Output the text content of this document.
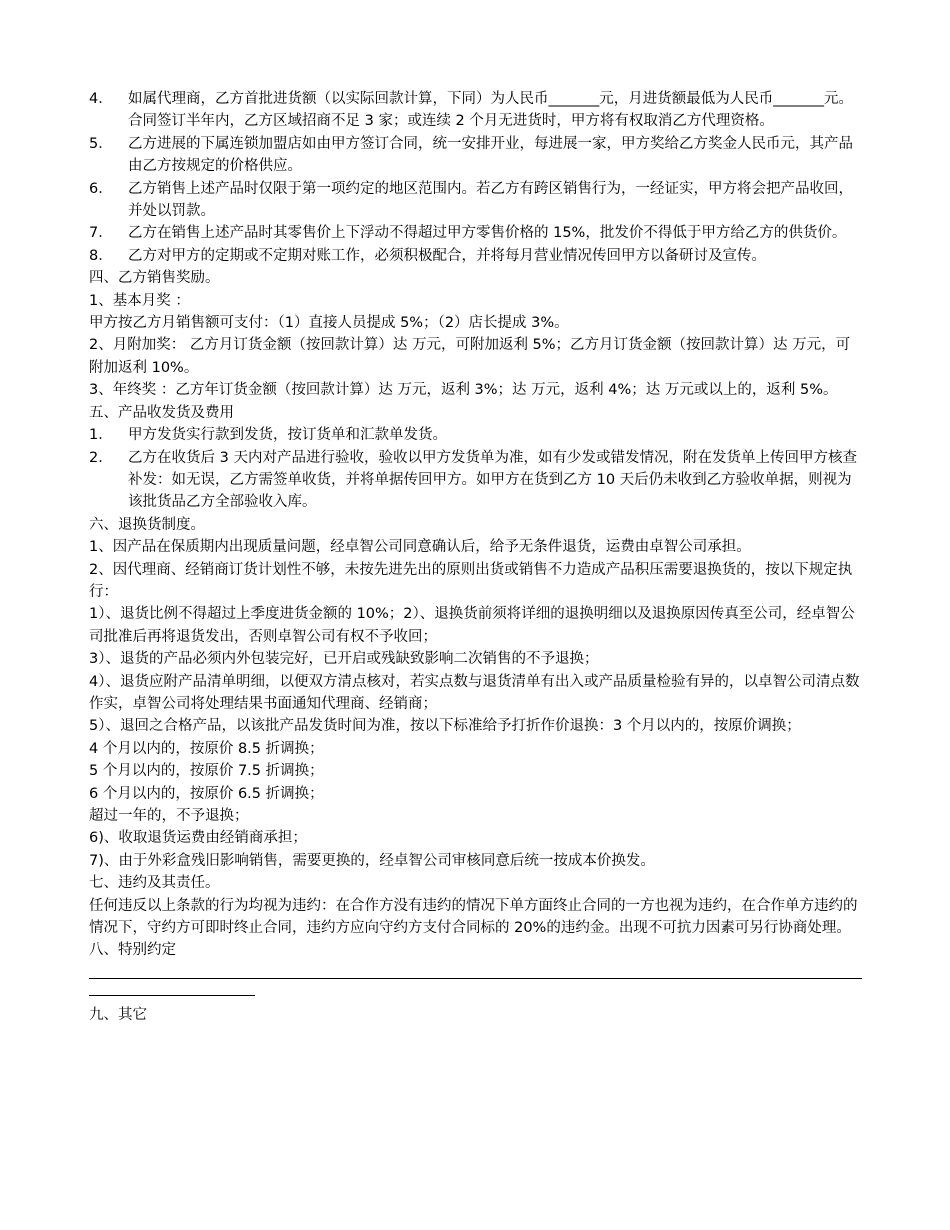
4．	如属代理商，乙方首批进货额（以实际回款计算，下同）为人民币_______元，月进货额最低为人民币_______元。合同签订半年内，乙方区域招商不足 3 家；或连续 2 个月无进货时，甲方将有权取消乙方代理资格。
5．	乙方进展的下属连锁加盟店如由甲方签订合同，统一安排开业，每进展一家，甲方奖给乙方奖金人民币元，其产品由乙方按规定的价格供应。
6．	乙方销售上述产品时仅限于第一项约定的地区范围内。若乙方有跨区销售行为，一经证实，甲方将会把产品收回，并处以罚款。
7．	乙方在销售上述产品时其零售价上下浮动不得超过甲方零售价格的 15%，批发价不得低于甲方给乙方的供货价。
8．	乙方对甲方的定期或不定期对账工作，必须积极配合，并将每月营业情况传回甲方以备研讨及宣传。
四、乙方销售奖励。
1、基本月奖 ：
甲方按乙方月销售额可支付：（1）直接人员提成 5%；（2）店长提成 3%。
2、月附加奖： 乙方月订货金额（按回款计算）达 万元，可附加返利 5%；乙方月订货金额（按回款计算）达 万元，可附加返利 10%。
3、年终奖 ：乙方年订货金额（按回款计算）达 万元，返利 3%；达 万元，返利 4%；达 万元或以上的，返利 5%。
五、产品收发货及费用
1．	甲方发货实行款到发货，按订货单和汇款单发货。
2．	乙方在收货后 3 天内对产品进行验收，验收以甲方发货单为准，如有少发或错发情况，附在发货单上传回甲方核查补发：如无误，乙方需签单收货，并将单据传回甲方。如甲方在货到乙方 10 天后仍未收到乙方验收单据，则视为该批货品乙方全部验收入库。
六、退换货制度。
1、因产品在保质期内出现质量问题，经卓智公司同意确认后，给予无条件退货，运费由卓智公司承担。
2、因代理商、经销商订货计划性不够，未按先进先出的原则出货或销售不力造成产品积压需要退换货的，按以下规定执行：
1）、退货比例不得超过上季度进货金额的 10%；2）、退换货前须将详细的退换明细以及退换原因传真至公司，经卓智公司批准后再将退货发出，否则卓智公司有权不予收回；
3）、退货的产品必须内外包装完好，已开启或残缺致影响二次销售的不予退换；
4）、退货应附产品清单明细，以便双方清点核对，若实点数与退货清单有出入或产品质量检验有异的，以卓智公司清点数作实，卓智公司将处理结果书面通知代理商、经销商；
5）、退回之合格产品，以该批产品发货时间为准，按以下标准给予打折作价退换：3 个月以内的，按原价调换；
4 个月以内的，按原价 8.5 折调换；
5 个月以内的，按原价 7.5 折调换；
6 个月以内的，按原价 6.5 折调换；
超过一年的，不予退换；
6)、收取退货运费由经销商承担；
7)、由于外彩盒残旧影响销售，需要更换的，经卓智公司审核同意后统一按成本价换发。
七、违约及其责任。
任何违反以上条款的行为均视为违约：在合作方没有违约的情况下单方面终止合同的一方也视为违约，在合作单方违约的情况下，守约方可即时终止合同，违约方应向守约方支付合同标的 20%的违约金。出现不可抗力因素可另行协商处理。
八、特别约定
九、其它
